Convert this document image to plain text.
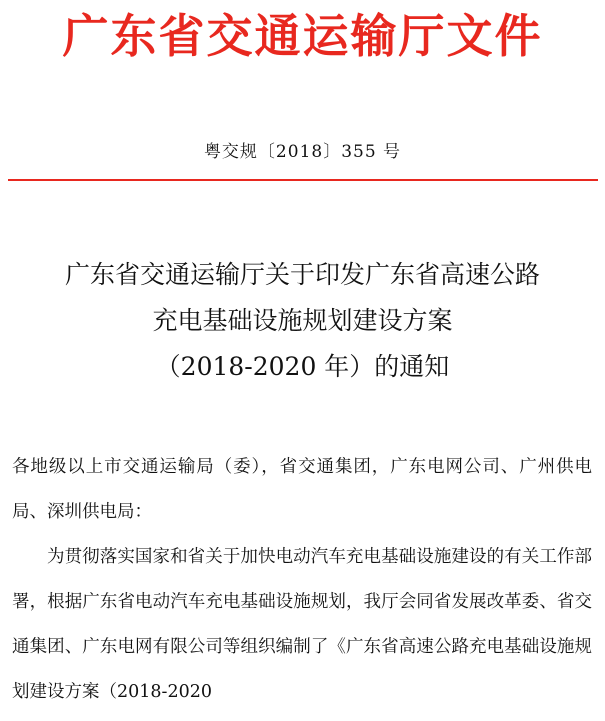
广东省交通运输厅文件
粤交规〔2018〕355 号
广东省交通运输厅关于印发广东省高速公路
充电基础设施规划建设方案
（2018-2020 年）的通知

各地级以上市交通运输局（委），省交通集团，广东电网公司、广州供电局、深圳供电局：

为贯彻落实国家和省关于加快电动汽车充电基础设施建设的有关工作部署，根据广东省电动汽车充电基础设施规划，我厅会同省发展改革委、省交通集团、广东电网有限公司等组织编制了《广东省高速公路充电基础设施规划建设方案（2018-2020
